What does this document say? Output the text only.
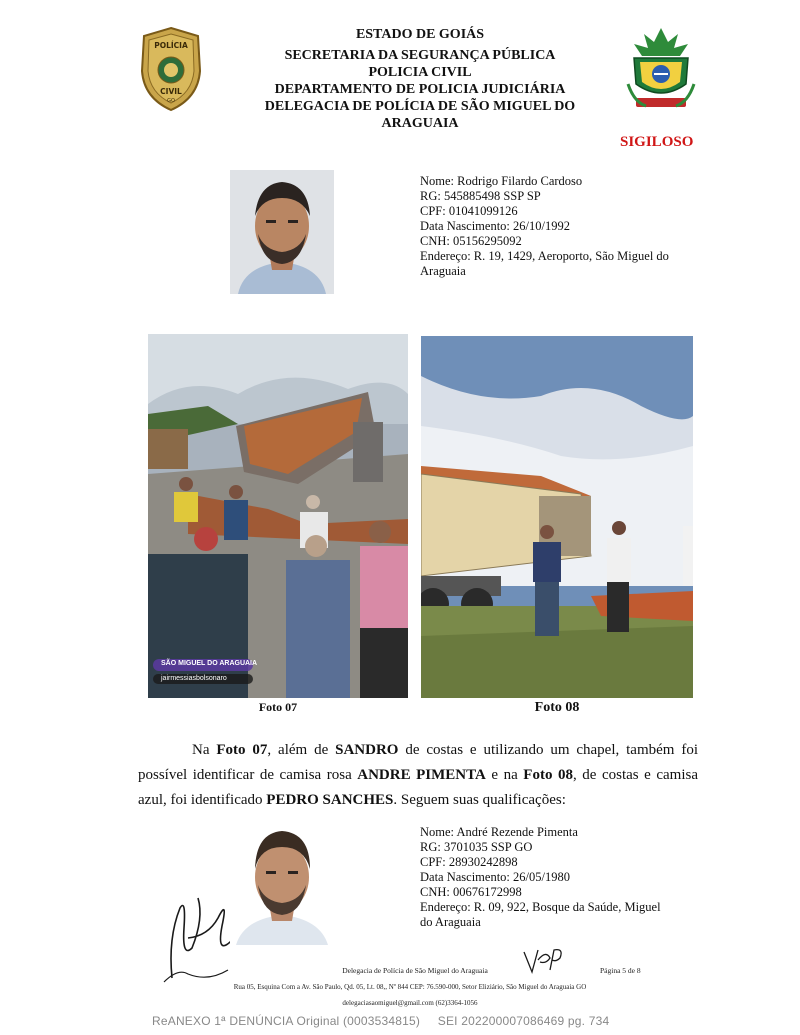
POLÍCIA
CIVIL
GO
ESTADO DE GOIÁS
SECRETARIA DA SEGURANÇA PÚBLICA
POLICIA CIVIL
DEPARTAMENTO DE POLICIA JUDICIÁRIA
DELEGACIA DE POLÍCIA DE SÃO MIGUEL DO
ARAGUAIA
SIGILOSO
Nome: Rodrigo Filardo Cardoso
RG: 545885498 SSP SP
CPF: 01041099126
Data Nascimento: 26/10/1992
CNH: 05156295092
Endereço: R. 19, 1429, Aeroporto, São Miguel do
Araguaia
SÃO MIGUEL DO ARAGUAIA
jairmessiasbolsonaro
Foto 07	Foto 08
Na Foto 07, além de SANDRO de costas e utilizando um chapel, também foi possível identificar de camisa rosa ANDRE PIMENTA e na Foto 08, de costas e camisa azul, foi identificado PEDRO SANCHES. Seguem suas qualificações:
Nome: André Rezende Pimenta
RG: 3701035 SSP GO
CPF: 28930242898
Data Nascimento: 26/05/1980
CNH: 00676172998
Endereço: R. 09, 922, Bosque da Saúde, Miguel
do Araguaia
Delegacia de Polícia de São Miguel do Araguaia	Página 5 de 8
Rua 05, Esquina Com a Av. São Paulo, Qd. 05, Lt. 08,, Nº 844 CEP: 76.590-000, Setor Eliziário, São Miguel do Araguaia GO
delegaciasaomiguel@gmail.com (62)3364-1056
ReANEXO 1ª DENÚNCIA Original (0003534815)     SEI 202200007086469 pg. 734
